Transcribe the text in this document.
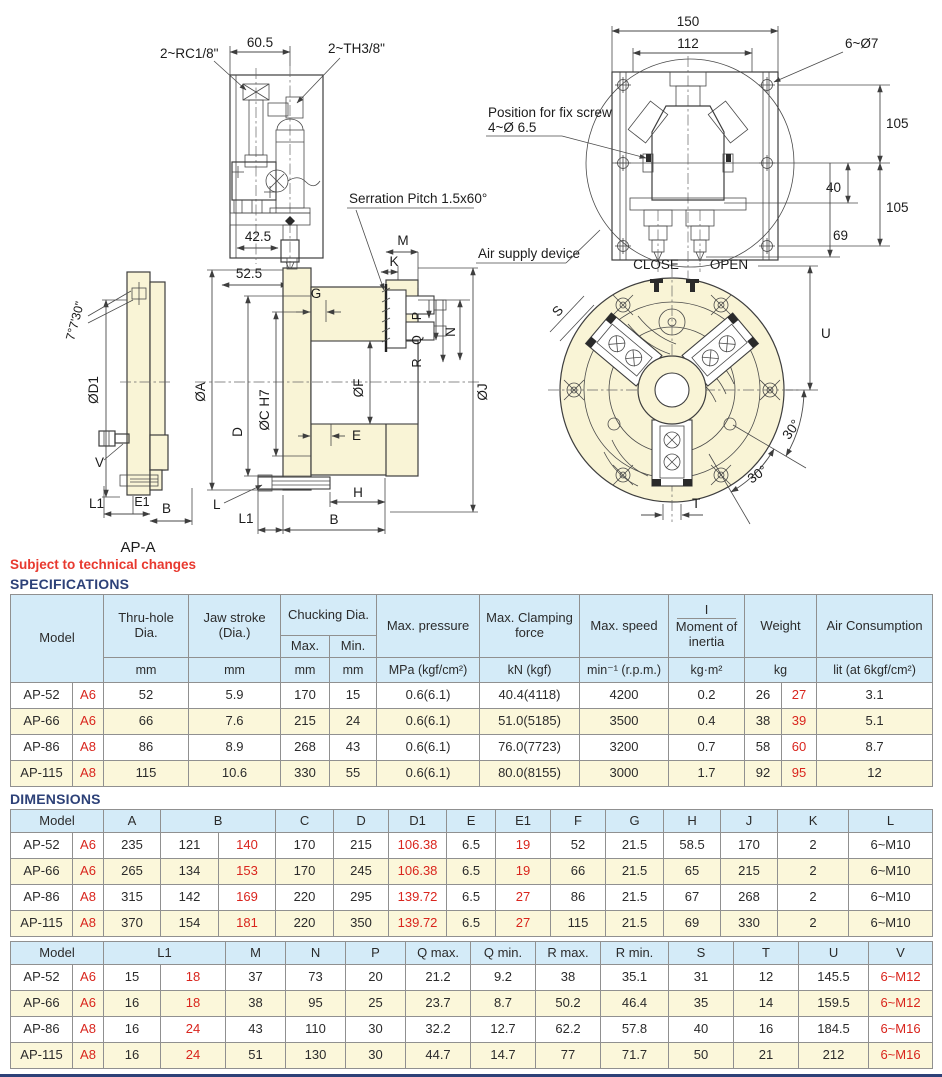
60.5
2~RC1/8"	2~TH3/8"
42.5
52.5
ØD1
7°7'30"
V
L1 E1 B
AP-A
G
Serration Pitch 1.5x60°
M
K
ØA
D
ØC H7
E
ØF
P
Q
R
N
ØJ
L
L1	B
H
150
112	6~Ø7
Position for fix screw
4~Ø 6.5	105
105
40
69
CLOSE OPEN
Air supply device
S
U
T
30°
30°
Subject to technical changes
SPECIFICATIONS
Model		Thru-hole Dia.	Jaw stroke (Dia.)	Chucking Dia.		Max. pressure	Max. Clamping force	Max. speed	I
Moment of inertia	Weight		Air Consumption
				Max.	Min.							
		mm	mm	mm	mm	MPa (kgf/cm²)	kN (kgf)	min⁻¹ (r.p.m.)	kg·m²	kg		lit (at 6kgf/cm²)
AP-52	A6	52	5.9	170	15	0.6(6.1)	40.4(4118)	4200	0.2	26	27	3.1
AP-66	A6	66	7.6	215	24	0.6(6.1)	51.0(5185)	3500	0.4	38	39	5.1
AP-86	A8	86	8.9	268	43	0.6(6.1)	76.0(7723)	3200	0.7	58	60	8.7
AP-115	A8	115	10.6	330	55	0.6(6.1)	80.0(8155)	3000	1.7	92	95	12
DIMENSIONS
Model		A	B		C	D	D1	E	E1	F	G	H	J	K	L
AP-52	A6	235	121	140	170	215	106.38	6.5	19	52	21.5	58.5	170	2	6~M10
AP-66	A6	265	134	153	170	245	106.38	6.5	19	66	21.5	65	215	2	6~M10
AP-86	A8	315	142	169	220	295	139.72	6.5	27	86	21.5	67	268	2	6~M10
AP-115	A8	370	154	181	220	350	139.72	6.5	27	115	21.5	69	330	2	6~M10
Model		L1		M	N	P	Q max.	Q min.	R max.	R min.	S	T	U	V
AP-52	A6	15	18	37	73	20	21.2	9.2	38	35.1	31	12	145.5	6~M12
AP-66	A6	16	18	38	95	25	23.7	8.7	50.2	46.4	35	14	159.5	6~M12
AP-86	A8	16	24	43	110	30	32.2	12.7	62.2	57.8	40	16	184.5	6~M16
AP-115	A8	16	24	51	130	30	44.7	14.7	77	71.7	50	21	212	6~M16
